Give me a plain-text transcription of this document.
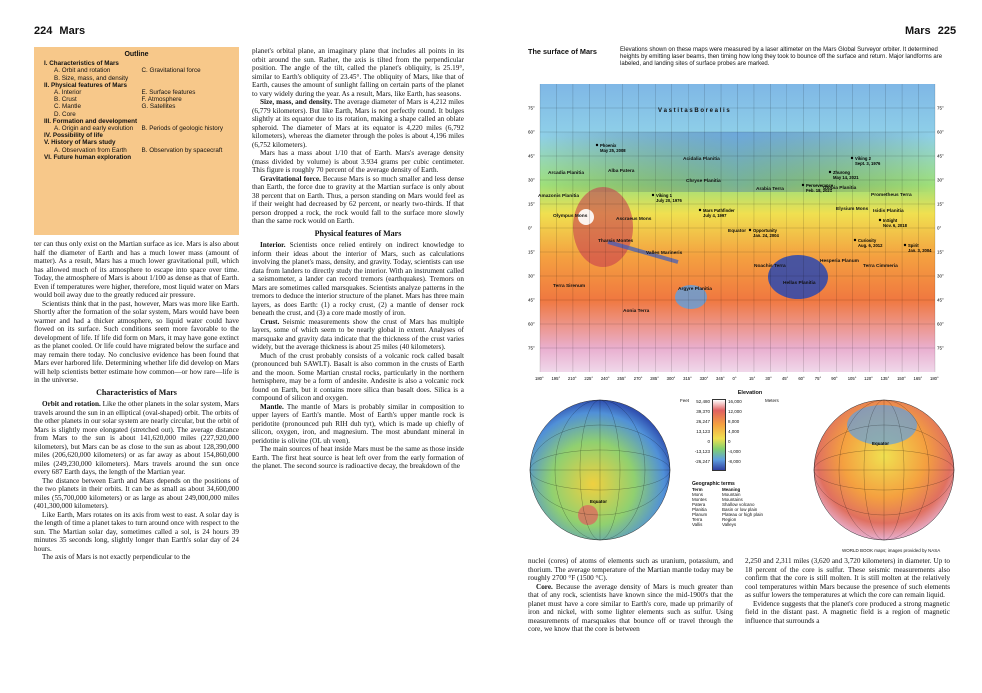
224 Mars	Mars 225
Outline
I. Characteristics of Mars
A. Orbit and rotation	C. Gravitational force
B. Size, mass, and density
II. Physical features of Mars
A. Interior	E. Surface features
B. Crust	F. Atmosphere
C. Mantle	G. Satellites
D. Core
III. Formation and development
A. Origin and early evolution	B. Periods of geologic history
IV. Possibility of life
V. History of Mars study
A. Observation from Earth	B. Observation by spacecraft
VI. Future human exploration

ter can thus only exist on the Martian surface as ice. Mars is also about half the diameter of Earth and has a much lower mass (amount of matter). As a result, Mars has a much lower gravitational pull, which has allowed much of its atmosphere to escape into space over time. Today, the atmosphere of Mars is about 1/100 as dense as that of Earth. Even if temperatures were higher, therefore, most liquid water on Mars would boil away due to the greatly reduced air pressure.

Scientists think that in the past, however, Mars was more like Earth. Shortly after the formation of the solar system, Mars would have been warmer and had a thicker atmosphere, so liquid water could have flowed on its surface. Such conditions seem more favorable to the development of life. If life did form on Mars, it may have gone extinct as the planet cooled. Or life could have migrated below the surface and may remain there today. No conclusive evidence has been found that Mars ever harbored life. Determining whether life did develop on Mars will help scientists better estimate how common—or how rare—life is in the universe.

Characteristics of Mars

Orbit and rotation. Like the other planets in the solar system, Mars travels around the sun in an elliptical (oval-shaped) orbit. The orbits of the other planets in our solar system are nearly circular, but the orbit of Mars is slightly more elongated (stretched out). The average distance from Mars to the sun is about 141,620,000 miles (227,920,000 kilometers), but Mars can be as close to the sun as about 128,390,000 miles (206,620,000 kilometers) or as far away as about 154,860,000 miles (249,230,000 kilometers). Mars travels around the sun once every 687 Earth days, the length of the Martian year.

The distance between Earth and Mars depends on the positions of the two planets in their orbits. It can be as small as about 34,600,000 miles (55,700,000 kilometers) or as large as about 249,000,000 miles (401,300,000 kilometers).

Like Earth, Mars rotates on its axis from west to east. A solar day is the length of time a planet takes to turn around once with respect to the sun. The Martian solar day, sometimes called a sol, is 24 hours 39 minutes 35 seconds long, slightly longer than Earth's solar day of 24 hours.

The axis of Mars is not exactly perpendicular to the

planet's orbital plane, an imaginary plane that includes all points in its orbit around the sun. Rather, the axis is tilted from the perpendicular position. The angle of the tilt, called the planet's obliquity, is 25.19°, similar to Earth's obliquity of 23.45°. The obliquity of Mars, like that of Earth, causes the amount of sunlight falling on certain parts of the planet to vary widely during the year. As a result, Mars, like Earth, has seasons.

Size, mass, and density. The average diameter of Mars is 4,212 miles (6,779 kilometers). But like Earth, Mars is not perfectly round. It bulges slightly at its equator due to its rotation, making a shape called an oblate spheroid. The diameter of Mars at its equator is 4,220 miles (6,792 kilometers), whereas the diameter through the poles is about 4,196 miles (6,752 kilometers).

Mars has a mass about 1/10 that of Earth. Mars's average density (mass divided by volume) is about 3.934 grams per cubic centimeter. This figure is roughly 70 percent of the average density of Earth.

Gravitational force. Because Mars is so much smaller and less dense than Earth, the force due to gravity at the Martian surface is only about 38 percent that on Earth. Thus, a person standing on Mars would feel as if their weight had decreased by 62 percent, or nearly two-thirds. If that person dropped a rock, the rock would fall to the surface more slowly than the same rock would on Earth.

Physical features of Mars

Interior. Scientists once relied entirely on indirect knowledge to inform their ideas about the interior of Mars, such as calculations involving the planet's mass, density, and gravity. Today, scientists can use data from landers to directly study the interior. With an instrument called a seismometer, a lander can record tremors (earthquakes). Tremors on Mars are sometimes called marsquakes. Scientists analyze patterns in the tremors to deduce the interior structure of the planet. Mars has three main layers, as does Earth: (1) a rocky crust, (2) a mantle of denser rock beneath the crust, and (3) a core made mostly of iron.

Crust. Seismic measurements show the crust of Mars has multiple layers, some of which seem to be nearly global in extent. Analyses of marsquake and gravity data indicate that the thickness of the crust varies widely, but the average thickness is about 25 miles (40 kilometers).

Much of the crust probably consists of a volcanic rock called basalt (pronounced buh SAWLT). Basalt is also common in the crusts of Earth and the moon. Some Martian crustal rocks, particularly in the northern hemisphere, may be a form of andesite. Andesite is also a volcanic rock found on Earth, but it contains more silica than basalt does. Silica is a compound of silicon and oxygen.

Mantle. The mantle of Mars is probably similar in composition to upper layers of Earth's mantle. Most of Earth's upper mantle rock is peridotite (pronounced puh RIH duh tyt), which is made up chiefly of silicon, oxygen, iron, and magnesium. The most abundant mineral in peridotite is olivine (OL uh veen).

The main sources of heat inside Mars must be the same as those inside Earth. The first heat source is heat left over from the early formation of the planet. The second source is radioactive decay, the breakdown of the

The surface of Mars	Elevations shown on these maps were measured by a laser altimeter on the Mars Global Surveyor orbiter. It determined heights by emitting laser beams, then timing how long they took to bounce off the surface and return. Major landforms are labeled, and landing sites of surface probes are marked.
75°	75°
60°	60°
45°	45°
30°	30°
15°	15°
0°	0°
15°	15°
30°	30°
45°	45°
60°	60°
75°	75°
180° 195° 210° 225° 240° 255° 270° 285° 300° 315° 330° 345° 0°	15° 30° 45° 60° 75° 90° 105° 120° 135° 150° 165° 180°
V a s t i t a s B o r e a l i s
Acidalia Planitia
Arcadia Planitia
Amazonis Planitia
Utopia Planitia
Chryse Planitia
Arabia Terra
Olympus Mons
Alba Patera
Ascraeus Mons
Tharsis Montes
Valles Marineris
Terra Sirenum
Aonia Terra
Noachis Terra
Argyre Planitia
Hellas Planitia
Hesperia Planum
Terra Cimmeria
Prometheus Terra
Elysium Mons Isidis Planitia
Equator
Phoenix
May 25, 2008
Viking 1
July 20, 1976
Viking 2
Sept. 3, 1976
Mars Pathfinder
July 4, 1997
Perseverance
Feb. 18, 2021
Zhurong
May 14, 2021
Opportunity
Jan. 24, 2004
Curiosity
Aug. 6, 2012	Spirit
Jan. 3, 2004
InSight
Nov. 6, 2018
Equator
Equator
Elevation
52,480
39,370
26,247
13,123
0
-13,123
-26,247
16,000
12,000
8,000
4,000
0
-4,000
-8,000
Geographic terms
Term	Meaning
Mons	Mountain
Montes	Mountains
Patera	Shallow volcano
Planitia	Basin or low plain
Planum	Plateau or high plain
Terra	Region
Vallis	Valleys
Feet	Meters
WORLD BOOK maps; images provided by NASA

nuclei (cores) of atoms of elements such as uranium, potassium, and thorium. The average temperature of the Martian mantle today may be roughly 2700 °F (1500 °C).

Core. Because the average density of Mars is much greater than that of any rock, scientists have known since the mid-1900's that the planet must have a core similar to Earth's core, made up primarily of iron and nickel, with some lighter elements such as sulfur. Using measurements of marsquakes that bounce off or travel through the core, we know that the core is between

2,250 and 2,311 miles (3,620 and 3,720 kilometers) in diameter. Up to 18 percent of the core is sulfur. These seismic measurements also confirm that the core is still molten. It is still molten at the relatively cool temperatures within Mars because the presence of such elements as sulfur lowers the temperatures at which the core can remain liquid.

Evidence suggests that the planet's core produced a strong magnetic field in the distant past. A magnetic field is a region of magnetic influence that surrounds a
